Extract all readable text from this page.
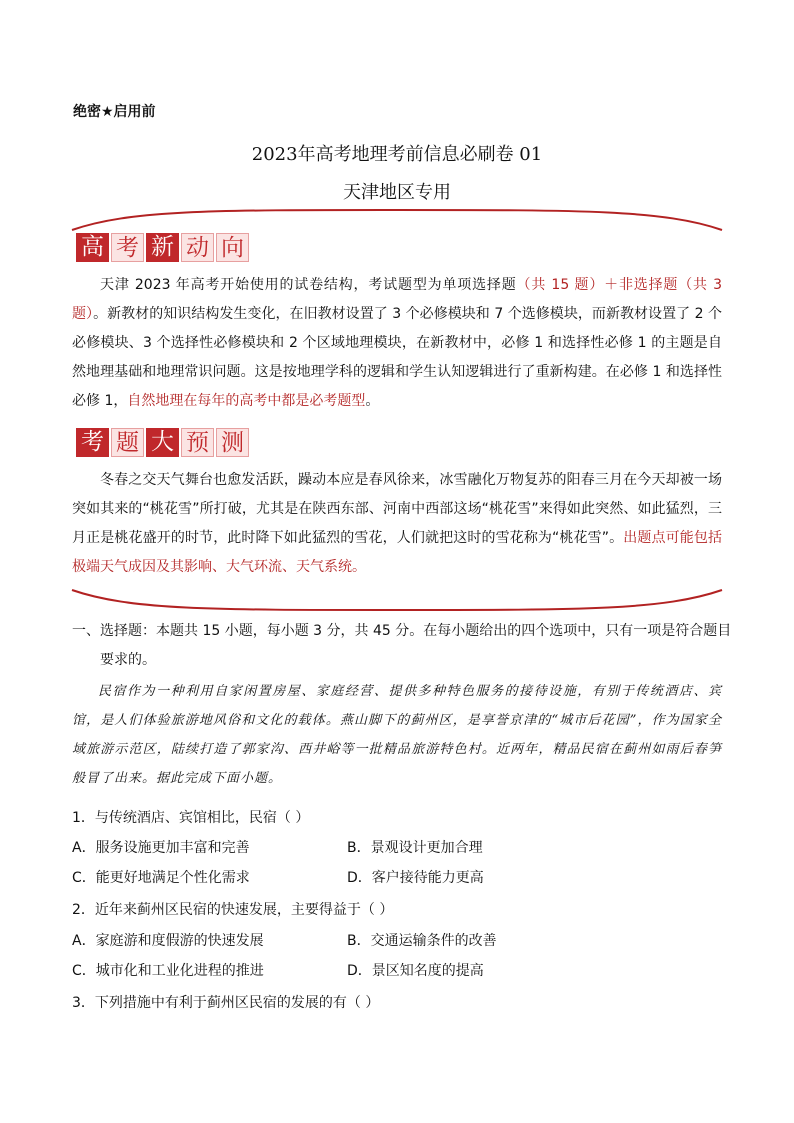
绝密★启用前
2023年高考地理考前信息必刷卷 01
天津地区专用
高 考 新 动 向
天津 2023 年高考开始使用的试卷结构，考试题型为单项选择题（共 15 题）＋非选择题（共 3 题）。新教材的知识结构发生变化，在旧教材设置了 3 个必修模块和 7 个选修模块，而新教材设置了 2 个必修模块、3 个选择性必修模块和 2 个区域地理模块，在新教材中，必修 1 和选择性必修 1 的主题是自然地理基础和地理常识问题。这是按地理学科的逻辑和学生认知逻辑进行了重新构建。在必修 1 和选择性必修 1，自然地理在每年的高考中都是必考题型。
考 题 大 预 测
冬春之交天气舞台也愈发活跃，躁动本应是春风徐来，冰雪融化万物复苏的阳春三月在今天却被一场突如其来的“桃花雪”所打破，尤其是在陕西东部、河南中西部这场“桃花雪”来得如此突然、如此猛烈，三月正是桃花盛开的时节，此时降下如此猛烈的雪花，人们就把这时的雪花称为“桃花雪”。出题点可能包括极端天气成因及其影响、大气环流、天气系统。
一、选择题：本题共 15 小题，每小题 3 分，共 45 分。在每小题给出的四个选项中，只有一项是符合题目
要求的。
民宿作为一种利用自家闲置房屋、家庭经营、提供多种特色服务的接待设施，有别于传统酒店、宾馆，是人们体验旅游地风俗和文化的载体。燕山脚下的蓟州区，是享誉京津的“城市后花园”，作为国家全域旅游示范区，陆续打造了郭家沟、西井峪等一批精品旅游特色村。近两年，精品民宿在蓟州如雨后春笋般冒了出来。据此完成下面小题。
1．与传统酒店、宾馆相比，民宿（ ）
A．服务设施更加丰富和完善	B．景观设计更加合理
C．能更好地满足个性化需求	D．客户接待能力更高
2．近年来蓟州区民宿的快速发展，主要得益于（ ）
A．家庭游和度假游的快速发展	B．交通运输条件的改善
C．城市化和工业化进程的推进	D．景区知名度的提高
3．下列措施中有利于蓟州区民宿的发展的有（ ）
